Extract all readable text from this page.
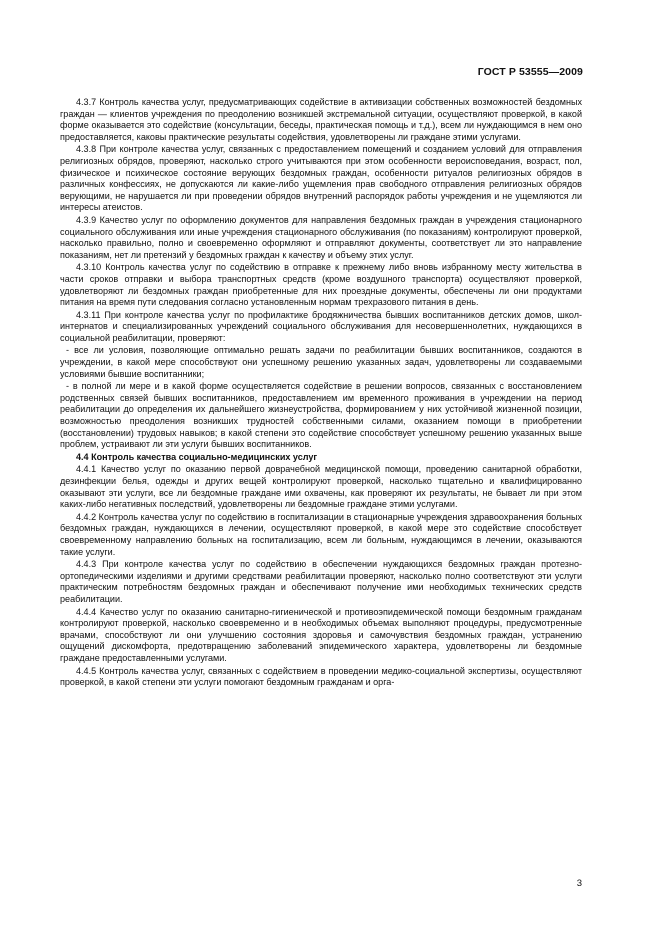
ГОСТ Р 53555—2009

4.3.7 Контроль качества услуг, предусматривающих содействие в активизации собственных возможностей бездомных граждан — клиентов учреждения по преодолению возникшей экстремальной ситуации, осуществляют проверкой, в какой форме оказывается это содействие (консультации, беседы, практическая помощь и т.д.), всем ли нуждающимся в нем оно предоставляется, каковы практические результаты содействия, удовлетворены ли граждане этими услугами.

4.3.8 При контроле качества услуг, связанных с предоставлением помещений и созданием условий для отправления религиозных обрядов, проверяют, насколько строго учитываются при этом особенности вероисповедания, возраст, пол, физическое и психическое состояние верующих бездомных граждан, особенности ритуалов религиозных обрядов в различных конфессиях, не допускаются ли какие-либо ущемления прав свободного отправления религиозных обрядов верующими, не нарушается ли при проведении обрядов внутренний распорядок работы учреждения и не ущемляются ли интересы атеистов.

4.3.9 Качество услуг по оформлению документов для направления бездомных граждан в учреждения стационарного социального обслуживания или иные учреждения стационарного обслуживания (по показаниям) контролируют проверкой, насколько правильно, полно и своевременно оформляют и отправляют документы, соответствует ли это направление показаниям, нет ли претензий у бездомных граждан к качеству и объему этих услуг.

4.3.10 Контроль качества услуг по содействию в отправке к прежнему либо вновь избранному месту жительства в части сроков отправки и выбора транспортных средств (кроме воздушного транспорта) осуществляют проверкой, удовлетворяют ли бездомных граждан приобретенные для них проездные документы, обеспечены ли они продуктами питания на время пути следования согласно установленным нормам трехразового питания в день.

4.3.11 При контроле качества услуг по профилактике бродяжничества бывших воспитанников детских домов, школ-интернатов и специализированных учреждений социального обслуживания для несовершеннолетних, нуждающихся в социальной реабилитации, проверяют:

- все ли условия, позволяющие оптимально решать задачи по реабилитации бывших воспитанников, создаются в учреждении, в какой мере способствуют они успешному решению указанных задач, удовлетворены ли создаваемыми условиями бывшие воспитанники;

- в полной ли мере и в какой форме осуществляется содействие в решении вопросов, связанных с восстановлением родственных связей бывших воспитанников, предоставлением им временного проживания в учреждении на период реабилитации до определения их дальнейшего жизнеустройства, формированием у них устойчивой жизненной позиции, возможностью преодоления возникших трудностей собственными силами, оказанием помощи в приобретении (восстановлении) трудовых навыков; в какой степени это содействие способствует успешному решению указанных выше проблем, устраивают ли эти услуги бывших воспитанников.

4.4 Контроль качества социально-медицинских услуг

4.4.1 Качество услуг по оказанию первой доврачебной медицинской помощи, проведению санитарной обработки, дезинфекции белья, одежды и других вещей контролируют проверкой, насколько тщательно и квалифицированно оказывают эти услуги, все ли бездомные граждане ими охвачены, как проверяют их результаты, не бывает ли при этом каких-либо негативных последствий, удовлетворены ли бездомные граждане этими услугами.

4.4.2 Контроль качества услуг по содействию в госпитализации в стационарные учреждения здравоохранения больных бездомных граждан, нуждающихся в лечении, осуществляют проверкой, в какой мере это содействие способствует своевременному направлению больных на госпитализацию, всем ли больным, нуждающимся в лечении, оказываются такие услуги.

4.4.3 При контроле качества услуг по содействию в обеспечении нуждающихся бездомных граждан протезно-ортопедическими изделиями и другими средствами реабилитации проверяют, насколько полно соответствуют эти услуги практическим потребностям бездомных граждан и обеспечивают получение ими необходимых технических средств реабилитации.

4.4.4 Качество услуг по оказанию санитарно-гигиенической и противоэпидемической помощи бездомным гражданам контролируют проверкой, насколько своевременно и в необходимых объемах выполняют процедуры, предусмотренные врачами, способствуют ли они улучшению состояния здоровья и самочувствия бездомных граждан, устранению ощущений дискомфорта, предотвращению заболеваний эпидемического характера, удовлетворены ли бездомные граждане предоставленными услугами.

4.4.5 Контроль качества услуг, связанных с содействием в проведении медико-социальной экспертизы, осуществляют проверкой, в какой степени эти услуги помогают бездомным гражданам и орга-

3
